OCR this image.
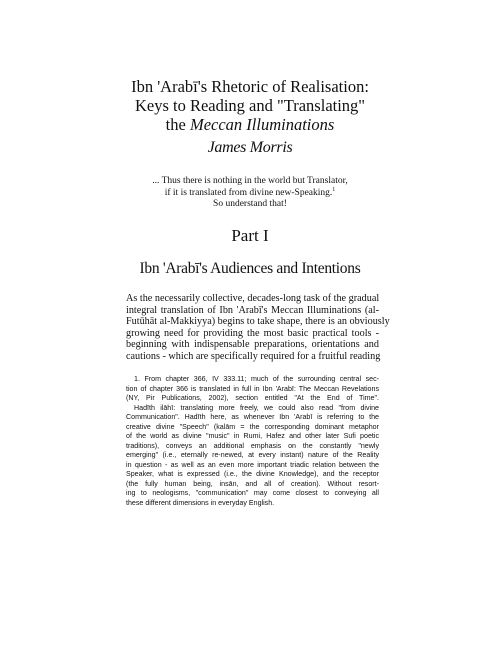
Ibn 'Arabī's Rhetoric of Realisation:
Keys to Reading and "Translating"
the Meccan Illuminations
James Morris
... Thus there is nothing in the world but Translator,
if it is translated from divine new-Speaking.$^1$
So understand that!
Part I
Ibn 'Arabī's Audiences and Intentions
As the necessarily collective, decades-long task of the gradual
integral translation of Ibn 'Arabī's Meccan Illuminations (al-
Futūhāt al-Makkiyya) begins to take shape, there is an obviously
growing need for providing the most basic practical tools -
beginning with indispensable preparations, orientations and
cautions - which are specifically required for a fruitful reading
1. From chapter 366, IV 333.11; much of the surrounding central sec-
tion of chapter 366 is translated in full in Ibn 'Arabī: The Meccan Revelations
(NY, Pir Publications, 2002), section entitled "At the End of Time".
Hadīth ilāhī: translating more freely, we could also read "from divine
Communication". Hadīth here, as whenever Ibn 'Arabī is referring to the
creative divine "Speech" (kalām = the corresponding dominant metaphor
of the world as divine "music" in Rumi, Hafez and other later Sufi poetic
traditions), conveys an additional emphasis on the constantly "newly
emerging" (i.e., eternally re-newed, at every instant) nature of the Reality
in question - as well as an even more important triadic relation between the
Speaker, what is expressed (i.e., the divine Knowledge), and the receptor
(the fully human being, insān, and all of creation). Without resort-
ing to neologisms, "communication" may come closest to conveying all
these different dimensions in everyday English.
